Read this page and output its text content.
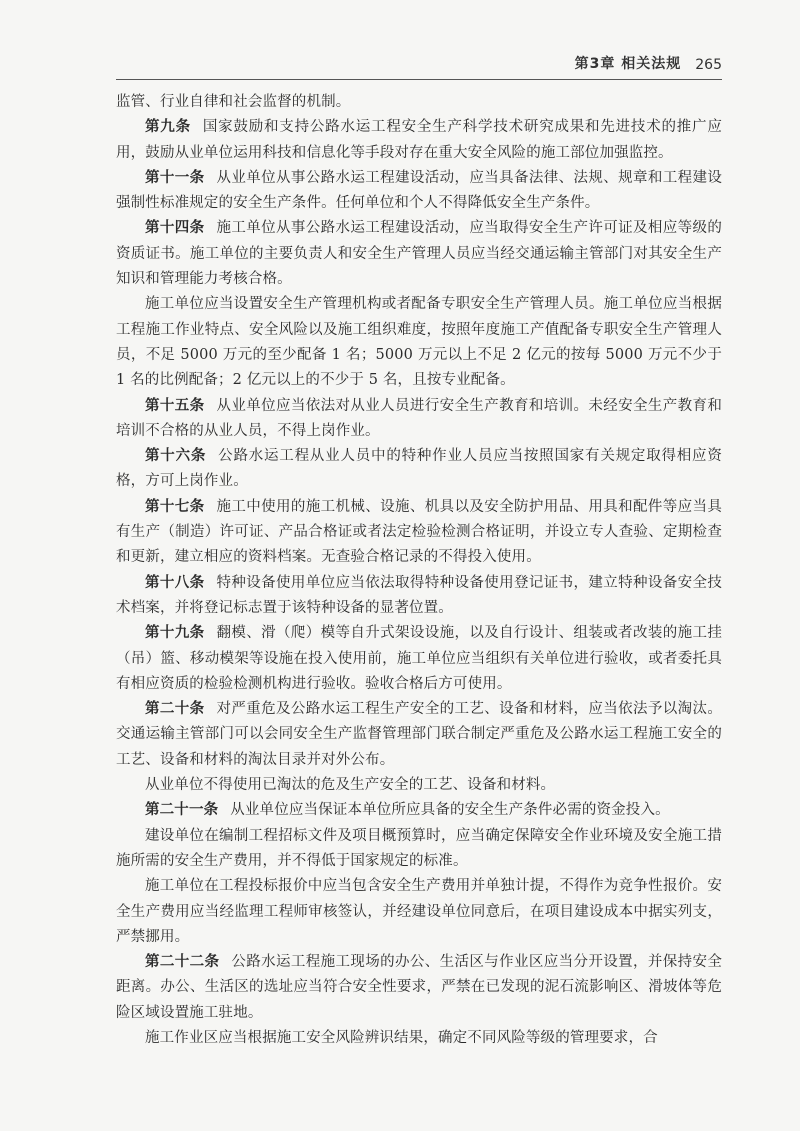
第3章 相关法规 265

监管、行业自律和社会监督的机制。

第九条 国家鼓励和支持公路水运工程安全生产科学技术研究成果和先进技术的推广应用，鼓励从业单位运用科技和信息化等手段对存在重大安全风险的施工部位加强监控。

第十一条 从业单位从事公路水运工程建设活动，应当具备法律、法规、规章和工程建设强制性标准规定的安全生产条件。任何单位和个人不得降低安全生产条件。

第十四条 施工单位从事公路水运工程建设活动，应当取得安全生产许可证及相应等级的资质证书。施工单位的主要负责人和安全生产管理人员应当经交通运输主管部门对其安全生产知识和管理能力考核合格。

施工单位应当设置安全生产管理机构或者配备专职安全生产管理人员。施工单位应当根据工程施工作业特点、安全风险以及施工组织难度，按照年度施工产值配备专职安全生产管理人员，不足 5000 万元的至少配备 1 名；5000 万元以上不足 2 亿元的按每 5000 万元不少于 1 名的比例配备；2 亿元以上的不少于 5 名，且按专业配备。

第十五条 从业单位应当依法对从业人员进行安全生产教育和培训。未经安全生产教育和培训不合格的从业人员，不得上岗作业。

第十六条 公路水运工程从业人员中的特种作业人员应当按照国家有关规定取得相应资格，方可上岗作业。

第十七条 施工中使用的施工机械、设施、机具以及安全防护用品、用具和配件等应当具有生产（制造）许可证、产品合格证或者法定检验检测合格证明，并设立专人查验、定期检查和更新，建立相应的资料档案。无查验合格记录的不得投入使用。

第十八条 特种设备使用单位应当依法取得特种设备使用登记证书，建立特种设备安全技术档案，并将登记标志置于该特种设备的显著位置。

第十九条 翻模、滑（爬）模等自升式架设设施，以及自行设计、组装或者改装的施工挂（吊）篮、移动模架等设施在投入使用前，施工单位应当组织有关单位进行验收，或者委托具有相应资质的检验检测机构进行验收。验收合格后方可使用。

第二十条 对严重危及公路水运工程生产安全的工艺、设备和材料，应当依法予以淘汰。交通运输主管部门可以会同安全生产监督管理部门联合制定严重危及公路水运工程施工安全的工艺、设备和材料的淘汰目录并对外公布。

从业单位不得使用已淘汰的危及生产安全的工艺、设备和材料。

第二十一条 从业单位应当保证本单位所应具备的安全生产条件必需的资金投入。

建设单位在编制工程招标文件及项目概预算时，应当确定保障安全作业环境及安全施工措施所需的安全生产费用，并不得低于国家规定的标准。

施工单位在工程投标报价中应当包含安全生产费用并单独计提，不得作为竞争性报价。安全生产费用应当经监理工程师审核签认，并经建设单位同意后，在项目建设成本中据实列支，严禁挪用。

第二十二条 公路水运工程施工现场的办公、生活区与作业区应当分开设置，并保持安全距离。办公、生活区的选址应当符合安全性要求，严禁在已发现的泥石流影响区、滑坡体等危险区域设置施工驻地。

施工作业区应当根据施工安全风险辨识结果，确定不同风险等级的管理要求，合
